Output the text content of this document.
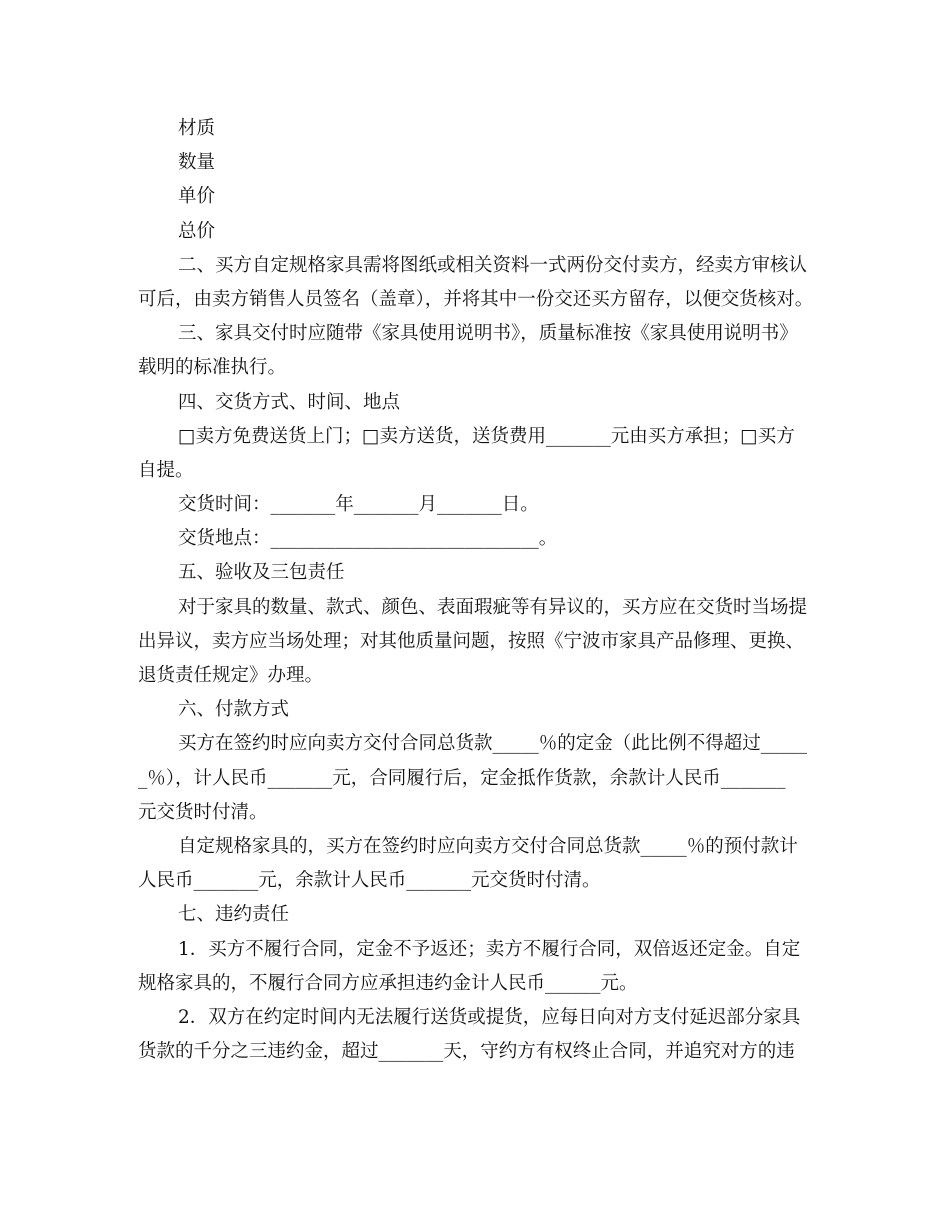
材质
数量
单价
总价
二、买方自定规格家具需将图纸或相关资料一式两份交付卖方，经卖方审核认
可后，由卖方销售人员签名（盖章），并将其中一份交还买方留存，以便交货核对。
三、家具交付时应随带《家具使用说明书》，质量标准按《家具使用说明书》
载明的标准执行。
四、交货方式、时间、地点
□卖方免费送货上门；□卖方送货，送货费用_______元由买方承担；□买方
自提。
交货时间：_______年_______月_______日。
交货地点：_____________________________。
五、验收及三包责任
对于家具的数量、款式、颜色、表面瑕疵等有异议的，买方应在交货时当场提
出异议，卖方应当场处理；对其他质量问题，按照《宁波市家具产品修理、更换、
退货责任规定》办理。
六、付款方式
买方在签约时应向卖方交付合同总货款_____％的定金（此比例不得超过_____
_％），计人民币_______元，合同履行后，定金抵作货款，余款计人民币_______
元交货时付清。
自定规格家具的，买方在签约时应向卖方交付合同总货款_____％的预付款计
人民币_______元，余款计人民币_______元交货时付清。
七、违约责任
1．买方不履行合同，定金不予返还；卖方不履行合同，双倍返还定金。自定
规格家具的，不履行合同方应承担违约金计人民币______元。
2．双方在约定时间内无法履行送货或提货，应每日向对方支付延迟部分家具
货款的千分之三违约金，超过_______天，守约方有权终止合同，并追究对方的违
